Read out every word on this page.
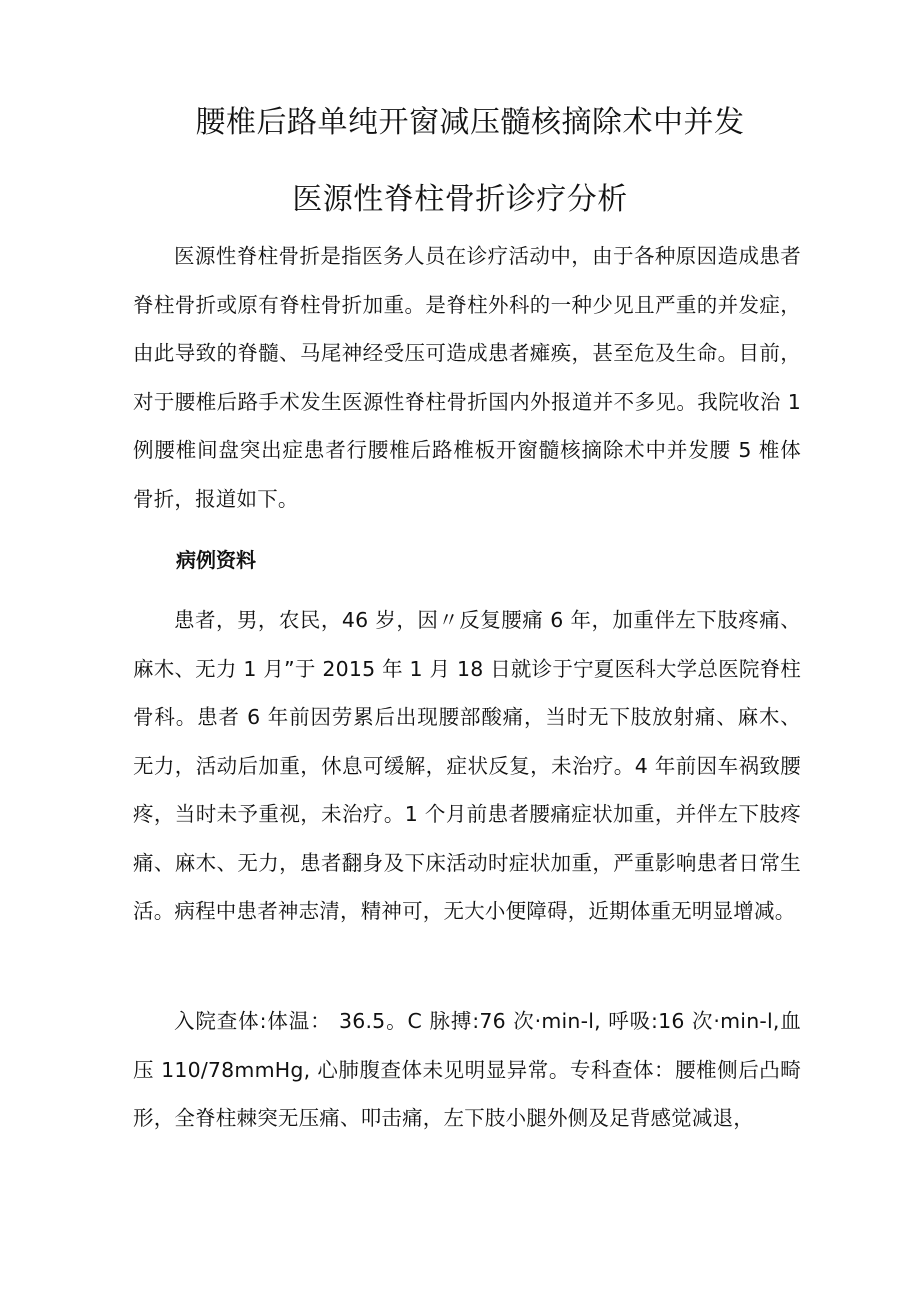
腰椎后路单纯开窗减压髓核摘除术中并发
医源性脊柱骨折诊疗分析

医源性脊柱骨折是指医务人员在诊疗活动中，由于各种原因造成患者脊柱骨折或原有脊柱骨折加重。是脊柱外科的一种少见且严重的并发症，由此导致的脊髓、马尾神经受压可造成患者瘫痪，甚至危及生命。目前，对于腰椎后路手术发生医源性脊柱骨折国内外报道并不多见。我院收治 1 例腰椎间盘突出症患者行腰椎后路椎板开窗髓核摘除术中并发腰 5 椎体骨折，报道如下。

病例资料

患者，男，农民，46 岁，因〃反复腰痛 6 年，加重伴左下肢疼痛、麻木、无力 1 月”于 2015 年 1 月 18 日就诊于宁夏医科大学总医院脊柱骨科。患者 6 年前因劳累后出现腰部酸痛，当时无下肢放射痛、麻木、无力，活动后加重，休息可缓解，症状反复，未治疗。4 年前因车祸致腰疼，当时未予重视，未治疗。1 个月前患者腰痛症状加重，并伴左下肢疼痛、麻木、无力，患者翻身及下床活动时症状加重，严重影响患者日常生活。病程中患者神志清，精神可，无大小便障碍，近期体重无明显增减。

入院查体:体温： 36.5。C 脉搏:76 次·min-l, 呼吸:16 次·min-l,血压 110/78mmHg, 心肺腹查体未见明显异常。专科查体：腰椎侧后凸畸形，全脊柱棘突无压痛、叩击痛，左下肢小腿外侧及足背感觉减退，
